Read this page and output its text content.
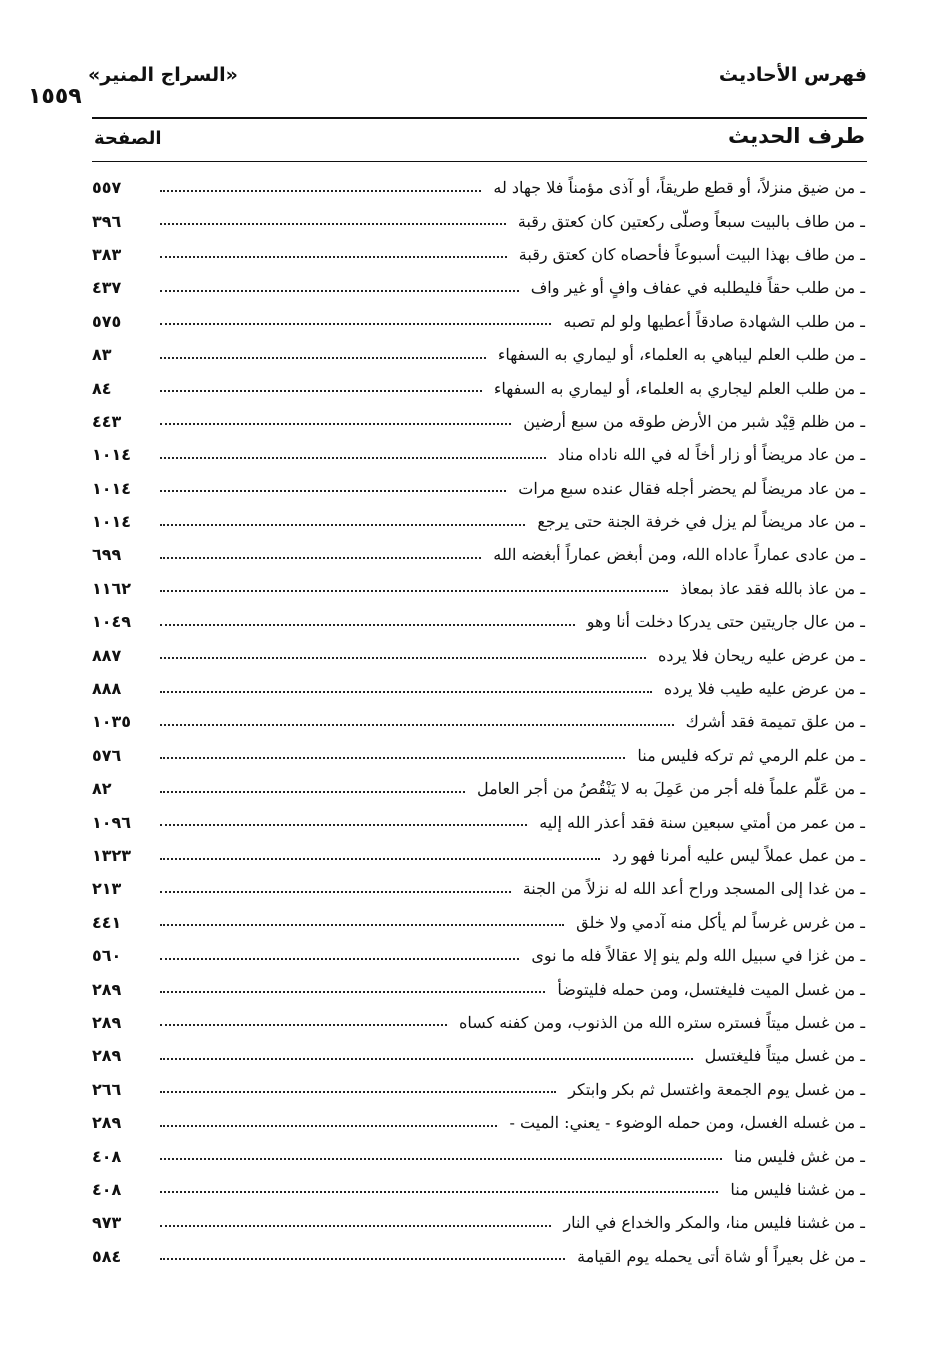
فهرس الأحاديث
«السراج المنير»
١٥٥٩
طرف الحديث
الصفحة
ـ من ضيق منزلاً، أو قطع طريقاً، أو آذى مؤمناً فلا جهاد له
٥٥٧
ـ من طاف بالبيت سبعاً وصلّى ركعتين كان كعتق رقبة
٣٩٦
ـ من طاف بهذا البيت أسبوعاً فأحصاه كان كعتق رقبة
٣٨٣
ـ من طلب حقاً فليطلبه في عفاف وافٍ أو غير واف
٤٣٧
ـ من طلب الشهادة صادقاً أعطيها ولو لم تصبه
٥٧٥
ـ من طلب العلم ليباهي به العلماء، أو ليماري به السفهاء
٨٣
ـ من طلب العلم ليجاري به العلماء، أو ليماري به السفهاء
٨٤
ـ من ظلم قِيْد شبر من الأرض طوقه من سبع أرضين
٤٤٣
ـ من عاد مريضاً أو زار أخاً له في الله ناداه مناد
١٠١٤
ـ من عاد مريضاً لم يحضر أجله فقال عنده سبع مرات
١٠١٤
ـ من عاد مريضاً لم يزل في خرفة الجنة حتى يرجع
١٠١٤
ـ من عادى عماراً عاداه الله، ومن أبغض عماراً أبغضه الله
٦٩٩
ـ من عاذ بالله فقد عاذ بمعاذ
١١٦٢
ـ من عال جاريتين حتى يدركا دخلت أنا وهو
١٠٤٩
ـ من عرض عليه ريحان فلا يرده
٨٨٧
ـ من عرض عليه طيب فلا يرده
٨٨٨
ـ من علق تميمة فقد أشرك
١٠٣٥
ـ من علم الرمي ثم تركه فليس منا
٥٧٦
ـ من عَلّم علماً فله أجر من عَمِلَ به لا يَنْقُصُ من أجر العامل
٨٢
ـ من عمر من أمتي سبعين سنة فقد أعذر الله إليه
١٠٩٦
ـ من عمل عملاً ليس عليه أمرنا فهو رد
١٣٢٣
ـ من غدا إلى المسجد وراح أعد الله له نزلاً من الجنة
٢١٣
ـ من غرس غرساً لم يأكل منه آدمي ولا خلق
٤٤١
ـ من غزا في سبيل الله ولم ينو إلا عقالاً فله ما نوى
٥٦٠
ـ من غسل الميت فليغتسل، ومن حمله فليتوضأ
٢٨٩
ـ من غسل ميتاً فستره ستره الله من الذنوب، ومن كفنه كساه
٢٨٩
ـ من غسل ميتاً فليغتسل
٢٨٩
ـ من غسل يوم الجمعة واغتسل ثم بكر وابتكر
٢٦٦
ـ من غسله الغسل، ومن حمله الوضوء - يعني: الميت -
٢٨٩
ـ من غش فليس منا
٤٠٨
ـ من غشنا فليس منا
٤٠٨
ـ من غشنا فليس منا، والمكر والخداع في النار
٩٧٣
ـ من غل بعيراً أو شاة أتى يحمله يوم القيامة
٥٨٤
